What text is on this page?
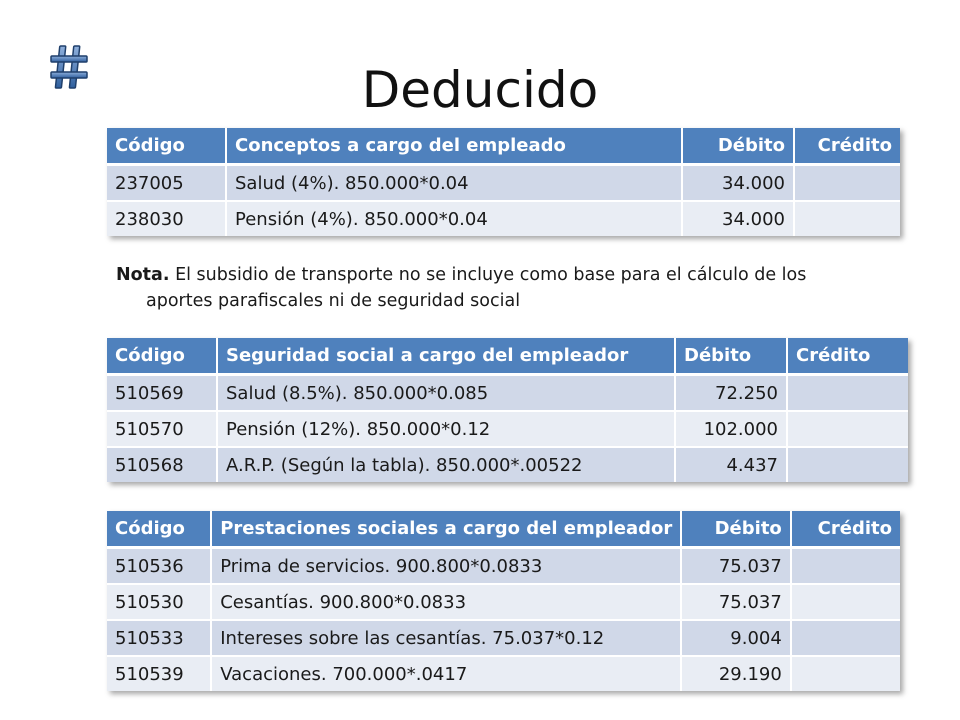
Deducido
Código	Conceptos a cargo del empleado	Débito	Crédito
237005	Salud (4%). 850.000*0.04	34.000	
238030	Pensión (4%). 850.000*0.04	34.000	

Nota. El subsidio de transporte no se incluye como base para el cálculo de los
aportes parafiscales ni de seguridad social

Código	Seguridad social a cargo del empleador	Débito	Crédito
510569	Salud (8.5%). 850.000*0.085	72.250	
510570	Pensión (12%). 850.000*0.12	102.000	
510568	A.R.P. (Según la tabla). 850.000*.00522	4.437	
Código	Prestaciones sociales a cargo del empleador	Débito	Crédito
510536	Prima de servicios. 900.800*0.0833	75.037	
510530	Cesantías. 900.800*0.0833	75.037	
510533	Intereses sobre las cesantías. 75.037*0.12	9.004	
510539	Vacaciones. 700.000*.0417	29.190	
